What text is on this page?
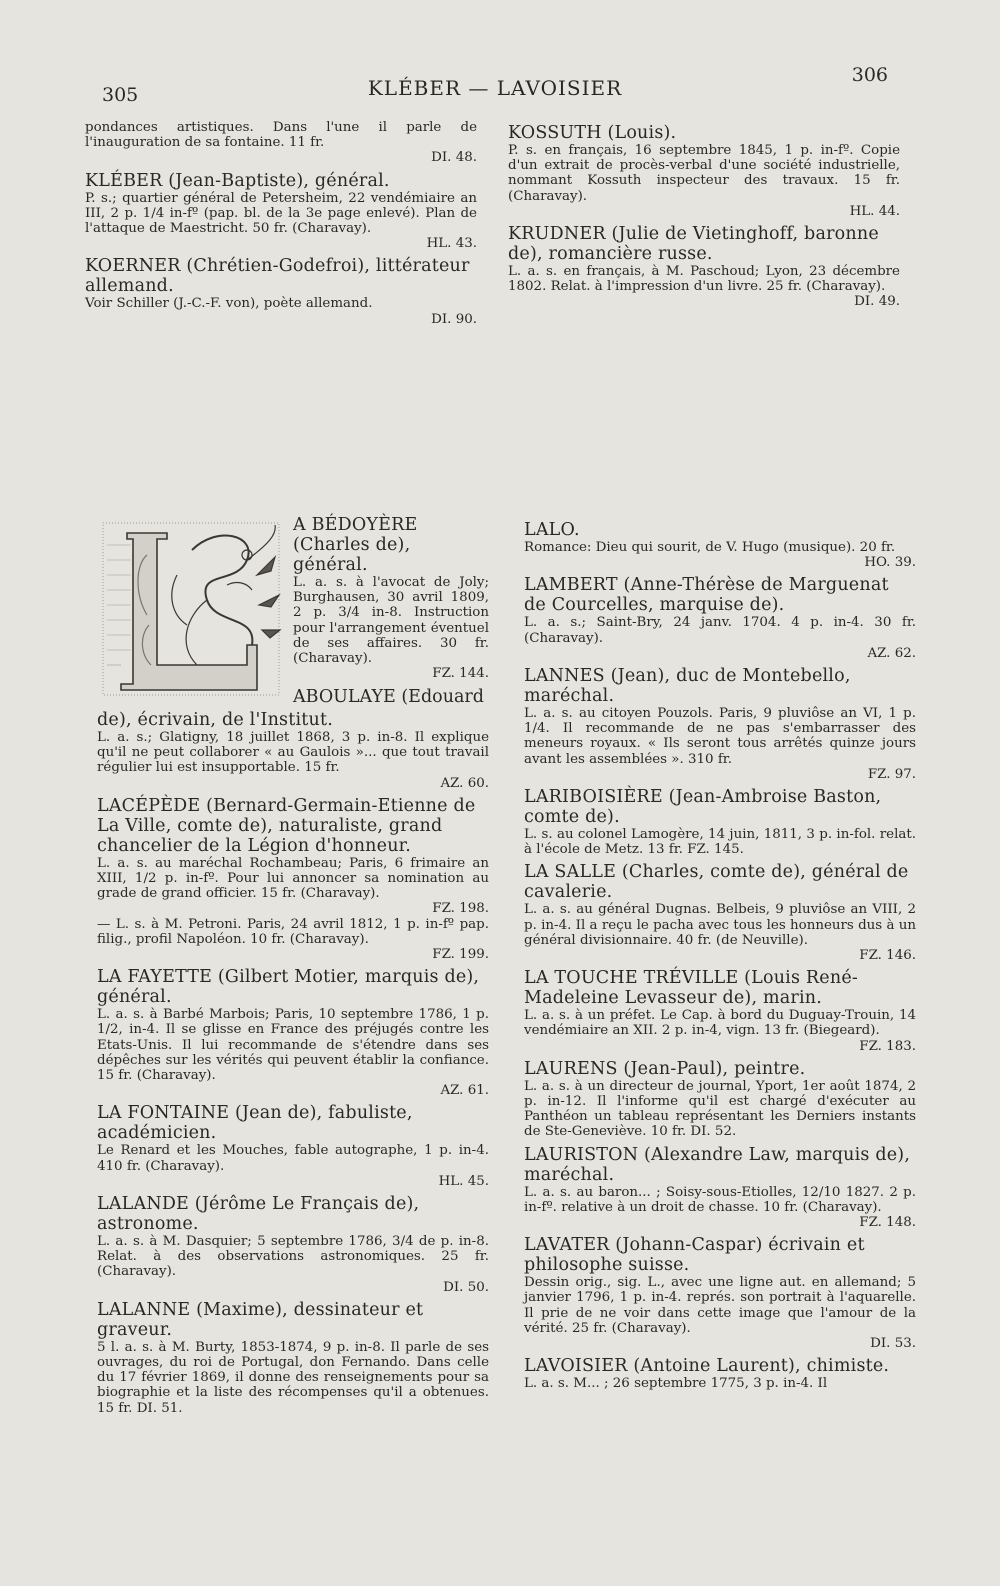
305	KLÉBER — LAVOISIER
306

pondances artistiques. Dans l'une il parle de l'inauguration de sa fontaine. 11 fr.

DI. 48.

KLÉBER (Jean-Baptiste), général.

P. s.; quartier général de Petersheim, 22 vendémiaire an III, 2 p. 1/4 in-fº (pap. bl. de la 3e page enlevé). Plan de l'attaque de Maestricht. 50 fr. (Charavay).

HL. 43.

KOERNER (Chrétien-Godefroi), littérateur allemand.

Voir Schiller (J.-C.-F. von), poète allemand.

DI. 90.

KOSSUTH (Louis).

P. s. en français, 16 septembre 1845, 1 p. in-fº. Copie d'un extrait de procès-verbal d'une société industrielle, nommant Kossuth inspecteur des travaux. 15 fr. (Charavay).

HL. 44.

KRUDNER (Julie de Vietinghoff, baronne de), romancière russe.

L. a. s. en français, à M. Paschoud; Lyon, 23 décembre 1802. Relat. à l'impression d'un livre. 25 fr. (Charavay).

DI. 49.

A BÉDOYÈRE (Charles de), général.

L. a. s. à l'avocat de Joly; Burghausen, 30 avril 1809, 2 p. 3/4 in-8. Instruction pour l'arrangement éventuel de ses affaires. 30 fr. (Charavay).

FZ. 144.

ABOULAYE (Edouard
de), écrivain, de l'Institut.

L. a. s.; Glatigny, 18 juillet 1868, 3 p. in-8. Il explique qu'il ne peut collaborer « au Gaulois »... que tout travail régulier lui est insupportable. 15 fr.

AZ. 60.

LACÉPÈDE (Bernard-Germain-Etienne de La Ville, comte de), naturaliste, grand chancelier de la Légion d'honneur.

L. a. s. au maréchal Rochambeau; Paris, 6 frimaire an XIII, 1/2 p. in-fº. Pour lui annoncer sa nomination au grade de grand officier. 15 fr. (Charavay).

FZ. 198.

— L. s. à M. Petroni. Paris, 24 avril 1812, 1 p. in-fº pap. filig., profil Napoléon. 10 fr. (Charavay).

FZ. 199.

LA FAYETTE (Gilbert Motier, marquis de), général.

L. a. s. à Barbé Marbois; Paris, 10 septembre 1786, 1 p. 1/2, in-4. Il se glisse en France des préjugés contre les Etats-Unis. Il lui recommande de s'étendre dans ses dépêches sur les vérités qui peuvent établir la confiance. 15 fr. (Charavay).

AZ. 61.

LA FONTAINE (Jean de), fabuliste, académicien.

Le Renard et les Mouches, fable autographe, 1 p. in-4. 410 fr. (Charavay).

HL. 45.

LALANDE (Jérôme Le Français de), astronome.

L. a. s. à M. Dasquier; 5 septembre 1786, 3/4 de p. in-8. Relat. à des observations astronomiques. 25 fr. (Charavay).

DI. 50.

LALANNE (Maxime), dessinateur et graveur.

5 l. a. s. à M. Burty, 1853-1874, 9 p. in-8. Il parle de ses ouvrages, du roi de Portugal, don Fernando. Dans celle du 17 février 1869, il donne des renseignements pour sa biographie et la liste des récompenses qu'il a obtenues. 15 fr. DI. 51.

LALO.

Romance: Dieu qui sourit, de V. Hugo (musique). 20 fr.

HO. 39.

LAMBERT (Anne-Thérèse de Marguenat de Courcelles, marquise de).

L. a. s.; Saint-Bry, 24 janv. 1704. 4 p. in-4. 30 fr. (Charavay).

AZ. 62.

LANNES (Jean), duc de Montebello, maréchal.

L. a. s. au citoyen Pouzols. Paris, 9 pluviôse an VI, 1 p. 1/4. Il recommande de ne pas s'embarrasser des meneurs royaux. « Ils seront tous arrêtés quinze jours avant les assemblées ». 310 fr.

FZ. 97.

LARIBOISIÈRE (Jean-Ambroise Baston, comte de).

L. s. au colonel Lamogère, 14 juin, 1811, 3 p. in-fol. relat. à l'école de Metz. 13 fr. FZ. 145.

LA SALLE (Charles, comte de), général de cavalerie.

L. a. s. au général Dugnas. Belbeis, 9 pluviôse an VIII, 2 p. in-4. Il a reçu le pacha avec tous les honneurs dus à un général divisionnaire. 40 fr. (de Neuville).

FZ. 146.

LA TOUCHE TRÉVILLE (Louis René-Madeleine Levasseur de), marin.

L. a. s. à un préfet. Le Cap. à bord du Duguay-Trouin, 14 vendémiaire an XII. 2 p. in-4, vign. 13 fr. (Biegeard).

FZ. 183.

LAURENS (Jean-Paul), peintre.

L. a. s. à un directeur de journal, Yport, 1er août 1874, 2 p. in-12. Il l'informe qu'il est chargé d'exécuter au Panthéon un tableau représentant les Derniers instants de Ste-Geneviève. 10 fr. DI. 52.

LAURISTON (Alexandre Law, marquis de), maréchal.

L. a. s. au baron... ; Soisy-sous-Etiolles, 12/10 1827. 2 p. in-fº. relative à un droit de chasse. 10 fr. (Charavay).

FZ. 148.

LAVATER (Johann-Caspar) écrivain et philosophe suisse.

Dessin orig., sig. L., avec une ligne aut. en allemand; 5 janvier 1796, 1 p. in-4. représ. son portrait à l'aquarelle. Il prie de ne voir dans cette image que l'amour de la vérité. 25 fr. (Charavay).

DI. 53.

LAVOISIER (Antoine Laurent), chimiste.

L. a. s. M... ; 26 septembre 1775, 3 p. in-4. Il
